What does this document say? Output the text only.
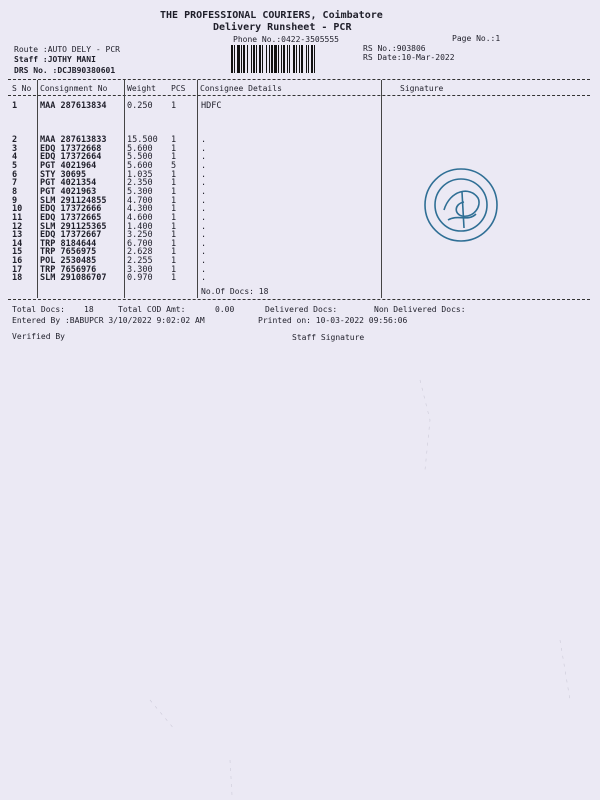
THE PROFESSIONAL COURIERS, Coimbatore
Delivery Runsheet - PCR
Phone No.:0422-3505555	Page No.:1
Route :AUTO DELY - PCR
Staff :JOTHY MANI
DRS No. :DCJB90380601
RS No.:903806
RS Date:10-Mar-2022
S No Consignment No Weight PCS Consignee Details	Signature
1	MAA 287613834 0.250 1	HDFC
2	MAA 287613833 15.500 1	.
3	EDQ 17372668	5.600 1	.
4	EDQ 17372664	5.500 1	.
5	PGT 4021964	5.600 5	.
6	STY 30695	1.035 1	.
7	PGT 4021354	2.350 1	.
8	PGT 4021963	5.300 1	.
9	SLM 291124855 4.700 1	.
10 EDQ 17372666	4.300 1	.
11 EDQ 17372665	4.600 1	.
12 SLM 291125365 1.400 1	.
13 EDQ 17372667	3.250 1	.
14 TRP 8184644	6.700 1	.
15 TRP 7656975	2.628 1	.
16 POL 2530485	2.255 1	.
17 TRP 7656976	3.300 1	.
18 SLM 291086707 0.970 1	.
No.Of Docs: 18
Total Docs: 18	Total COD Amt:	0.00	Delivered Docs:	Non Delivered Docs:
Entered By :BABUPCR 3/10/2022 9:02:02 AM	Printed on: 10-03-2022 09:56:06
Verified By	Staff Signature
